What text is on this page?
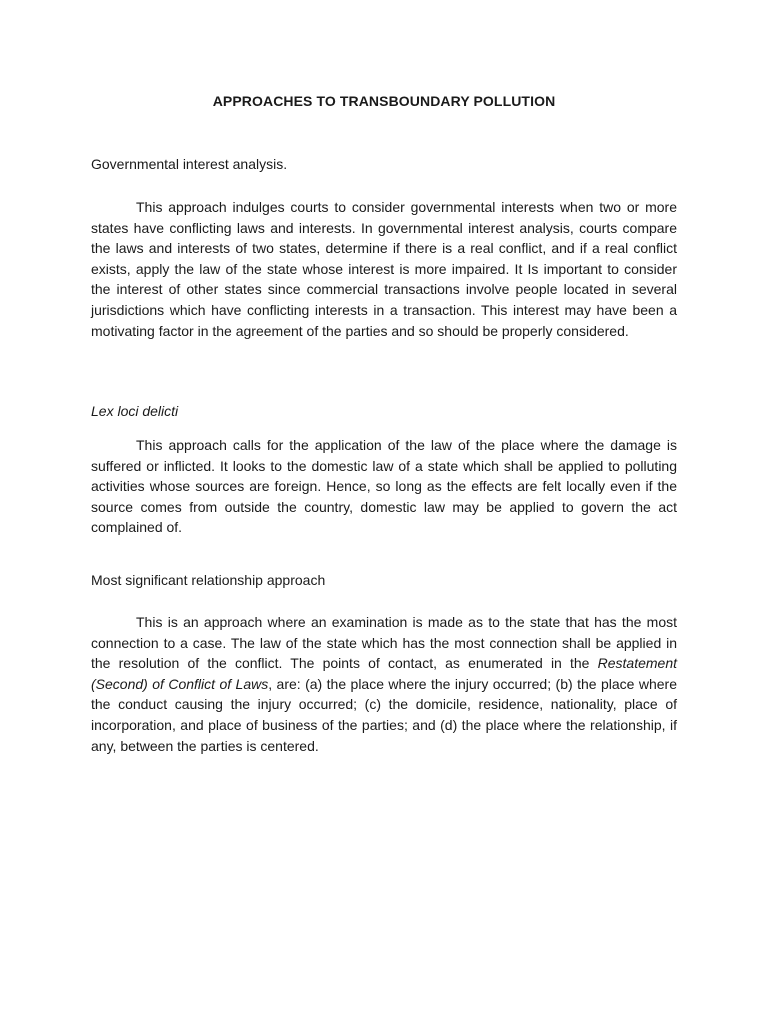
APPROACHES TO TRANSBOUNDARY POLLUTION
Governmental interest analysis.
This approach indulges courts to consider governmental interests when two or more states have conflicting laws and interests. In governmental interest analysis, courts compare the laws and interests of two states, determine if there is a real conflict, and if a real conflict exists, apply the law of the state whose interest is more impaired. It Is important to consider the interest of other states since commercial transactions involve people located in several jurisdictions which have conflicting interests in a transaction. This interest may have been a motivating factor in the agreement of the parties and so should be properly considered.
Lex loci delicti
This approach calls for the application of the law of the place where the damage is suffered or inflicted. It looks to the domestic law of a state which shall be applied to polluting activities whose sources are foreign. Hence, so long as the effects are felt locally even if the source comes from outside the country, domestic law may be applied to govern the act complained of.
Most significant relationship approach
This is an approach where an examination is made as to the state that has the most connection to a case. The law of the state which has the most connection shall be applied in the resolution of the conflict. The points of contact, as enumerated in the Restatement (Second) of Conflict of Laws, are: (a) the place where the injury occurred; (b) the place where the conduct causing the injury occurred; (c) the domicile, residence, nationality, place of incorporation, and place of business of the parties; and (d) the place where the relationship, if any, between the parties is centered.
